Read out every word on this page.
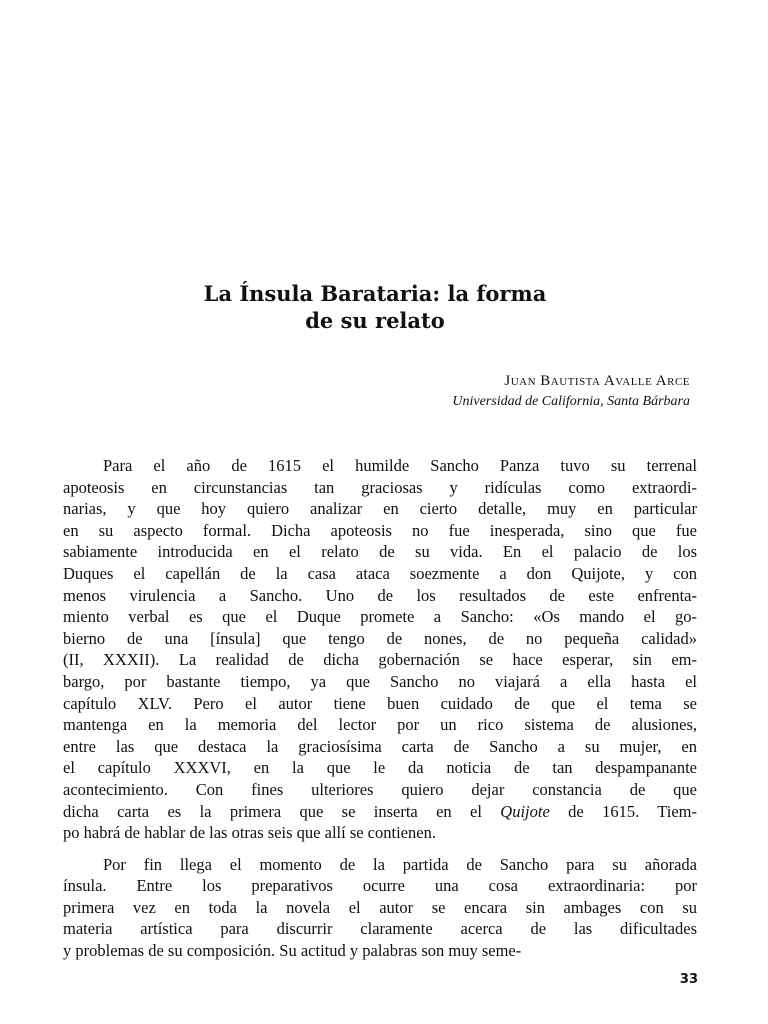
La Ínsula Barataria: la forma
de su relato
Juan Bautista Avalle Arce
Universidad de California, Santa Bárbara
Para el año de 1615 el humilde Sancho Panza tuvo su terrenal
apoteosis en circunstancias tan graciosas y ridículas como extraordi-
narias, y que hoy quiero analizar en cierto detalle, muy en particular
en su aspecto formal. Dicha apoteosis no fue inesperada, sino que fue
sabiamente introducida en el relato de su vida. En el palacio de los
Duques el capellán de la casa ataca soezmente a don Quijote, y con
menos virulencia a Sancho. Uno de los resultados de este enfrenta-
miento verbal es que el Duque promete a Sancho: «Os mando el go-
bierno de una [ínsula] que tengo de nones, de no pequeña calidad»
(II, XXXII). La realidad de dicha gobernación se hace esperar, sin em-
bargo, por bastante tiempo, ya que Sancho no viajará a ella hasta el
capítulo XLV. Pero el autor tiene buen cuidado de que el tema se
mantenga en la memoria del lector por un rico sistema de alusiones,
entre las que destaca la graciosísima carta de Sancho a su mujer, en
el capítulo XXXVI, en la que le da noticia de tan despampanante
acontecimiento. Con fines ulteriores quiero dejar constancia de que
dicha carta es la primera que se inserta en el Quijote de 1615. Tiem-
po habrá de hablar de las otras seis que allí se contienen.
Por fin llega el momento de la partida de Sancho para su añorada
ínsula. Entre los preparativos ocurre una cosa extraordinaria: por
primera vez en toda la novela el autor se encara sin ambages con su
materia artística para discurrir claramente acerca de las dificultades
y problemas de su composición. Su actitud y palabras son muy seme-
33
